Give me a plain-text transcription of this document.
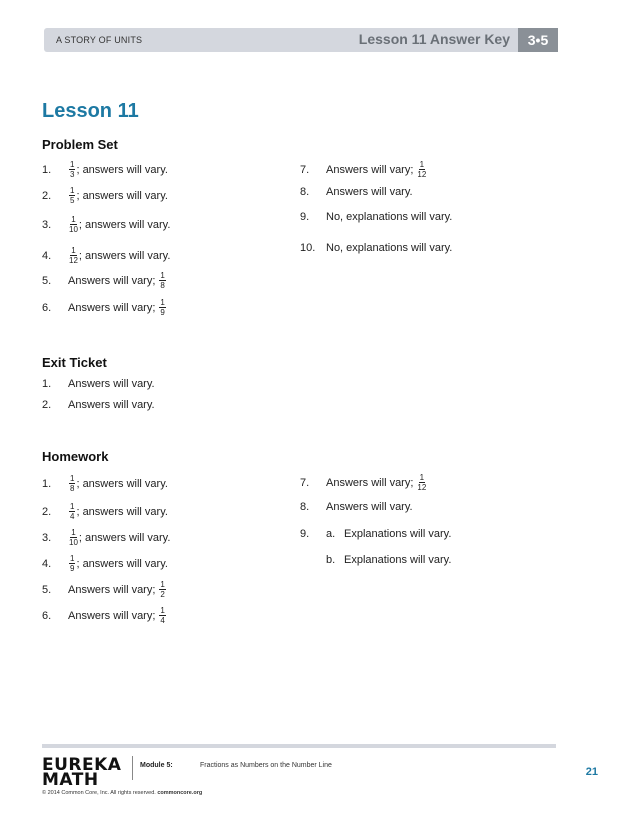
A STORY OF UNITS	Lesson 11 Answer Key	3•5
Lesson 11
Problem Set
1.	$\frac{1}{3}$ ; answers will vary.
2.	$\frac{1}{5}$ ; answers will vary.
3.	$\frac{1}{10}$ ; answers will vary.
4.	$\frac{1}{12}$ ; answers will vary.
5.	Answers will vary; $\frac{1}{8}$
6.	Answers will vary; $\frac{1}{9}$
7.	Answers will vary; $\frac{1}{12}$
8.	Answers will vary.
9.	No, explanations will vary.
10. No, explanations will vary.
Exit Ticket
1.	Answers will vary.
2.	Answers will vary.
Homework
1.	$\frac{1}{8}$ ; answers will vary.
2.	$\frac{1}{4}$ ; answers will vary.
3.	$\frac{1}{10}$ ; answers will vary.
4.	$\frac{1}{9}$ ; answers will vary.
5.	Answers will vary; $\frac{1}{2}$
6.	Answers will vary; $\frac{1}{4}$
7.	Answers will vary; $\frac{1}{12}$
8.	Answers will vary.
9.	a. Explanations will vary.
b. Explanations will vary.
EUREKA
MATH
Module 5:	Fractions as Numbers on the Number Line
21
© 2014 Common Core, Inc. All rights reserved. commoncore.org
